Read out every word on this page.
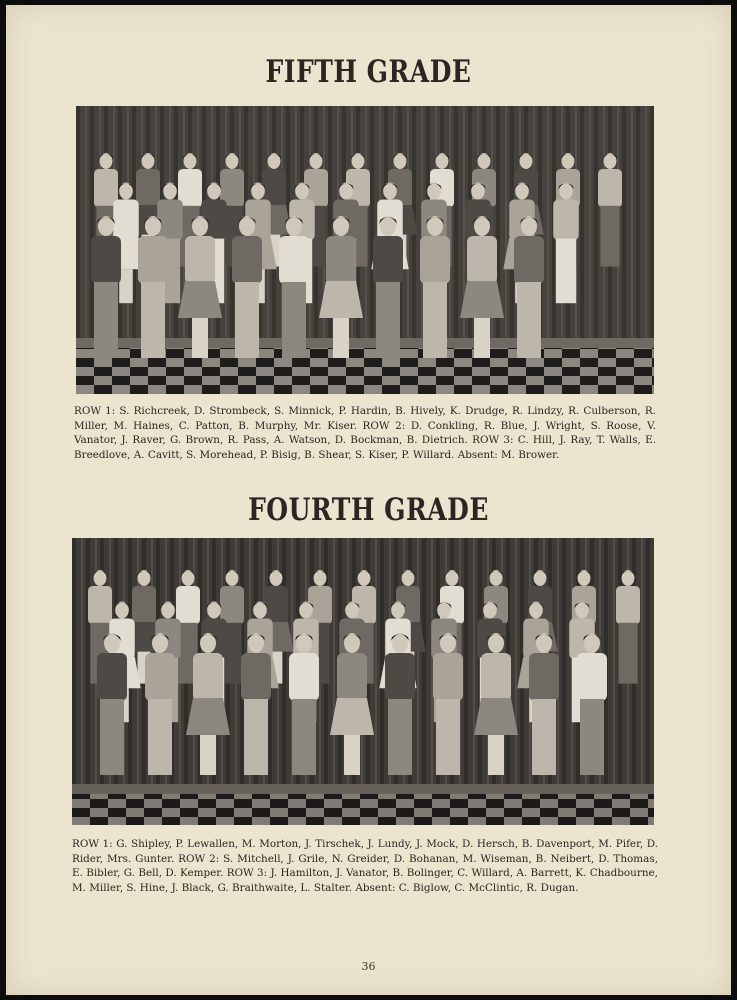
FIFTH GRADE

ROW 1: S. Richcreek, D. Strombeck, S. Minnick, P. Hardin, B. Hively, K. Drudge, R. Lindzy, R. Culberson, R. Miller, M. Haines, C. Patton, B. Murphy, Mr. Kiser. ROW 2: D. Conkling, R. Blue, J. Wright, S. Roose, V. Vanator, J. Raver, G. Brown, R. Pass, A. Watson, D. Bockman, B. Dietrich. ROW 3: C. Hill, J. Ray, T. Walls, E. Breedlove, A. Cavitt, S. Morehead, P. Bisig, B. Shear, S. Kiser, P. Willard. Absent: M. Brower.

FOURTH GRADE

ROW 1: G. Shipley, P. Lewallen, M. Morton, J. Tirschek, J. Lundy, J. Mock, D. Hersch, B. Davenport, M. Pifer, D. Rider, Mrs. Gunter. ROW 2: S. Mitchell, J. Grile, N. Greider, D. Bohanan, M. Wiseman, B. Neibert, D. Thomas, E. Bibler, G. Bell, D. Kemper. ROW 3: J. Hamilton, J. Vanator, B. Bolinger, C. Willard, A. Barrett, K. Chadbourne, M. Miller, S. Hine, J. Black, G. Braithwaite, L. Stalter. Absent: C. Biglow, C. McClintic, R. Dugan.

36
